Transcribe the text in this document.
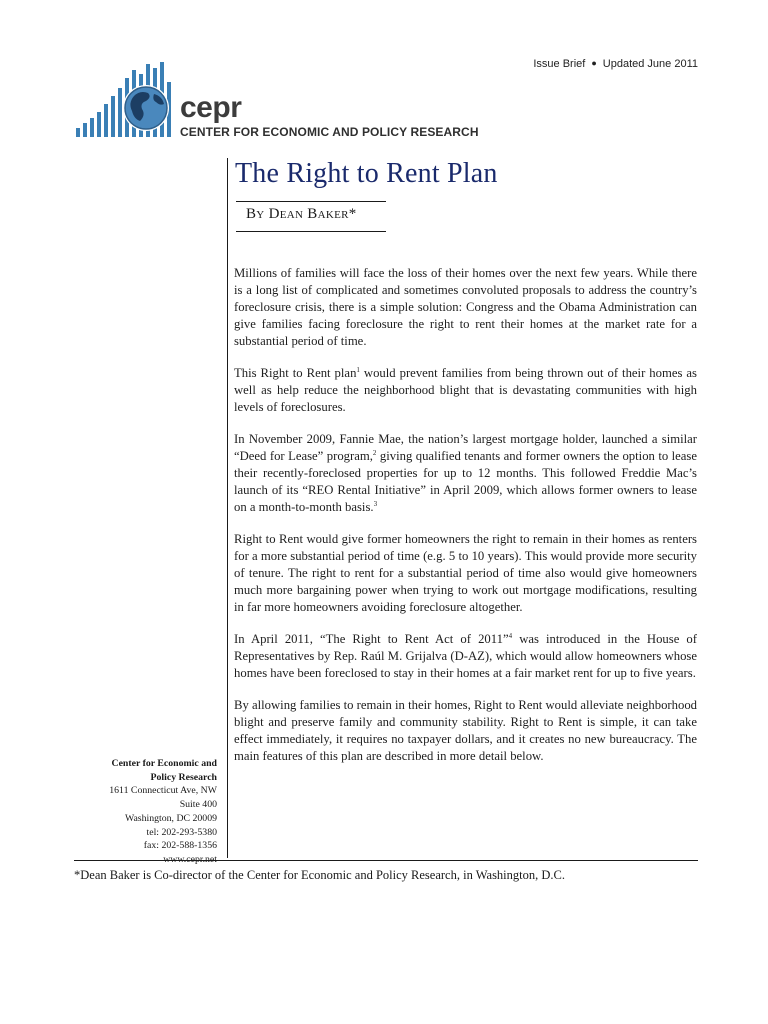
Issue Brief ● Updated June 2011
cepr
CENTER FOR ECONOMIC AND POLICY RESEARCH
The Right to Rent Plan
By Dean Baker*

Millions of families will face the loss of their homes over the next few years. While there is a long list of complicated and sometimes convoluted proposals to address the country’s foreclosure crisis, there is a simple solution: Congress and the Obama Administration can give families facing foreclosure the right to rent their homes at the market rate for a substantial period of time.

This Right to Rent plan$^1$ would prevent families from being thrown out of their homes as well as help reduce the neighborhood blight that is devastating communities with high levels of foreclosures.

In November 2009, Fannie Mae, the nation’s largest mortgage holder, launched a similar “Deed for Lease” program,$^2$ giving qualified tenants and former owners the option to lease their recently-foreclosed properties for up to 12 months. This followed Freddie Mac’s launch of its “REO Rental Initiative” in April 2009, which allows former owners to lease on a month-to-month basis.$^3$

Right to Rent would give former homeowners the right to remain in their homes as renters for a more substantial period of time (e.g. 5 to 10 years). This would provide more security of tenure. The right to rent for a substantial period of time also would give homeowners much more bargaining power when trying to work out mortgage modifications, resulting in far more homeowners avoiding foreclosure altogether.

In April 2011, “The Right to Rent Act of 2011”$^4$ was introduced in the House of Representatives by Rep. Raúl M. Grijalva (D-AZ), which would allow homeowners whose homes have been foreclosed to stay in their homes at a fair market rent for up to five years.

By allowing families to remain in their homes, Right to Rent would alleviate neighborhood blight and preserve family and community stability. Right to Rent is simple, it can take effect immediately, it requires no taxpayer dollars, and it creates no new bureaucracy. The main features of this plan are described in more detail below.

Center for Economic and
Policy Research
1611 Connecticut Ave, NW
Suite 400
Washington, DC 20009
tel: 202-293-5380
fax: 202-588-1356
*Dean Baker is Co-director of the Center for Economic and Policy Research, in Washington, D.C.
